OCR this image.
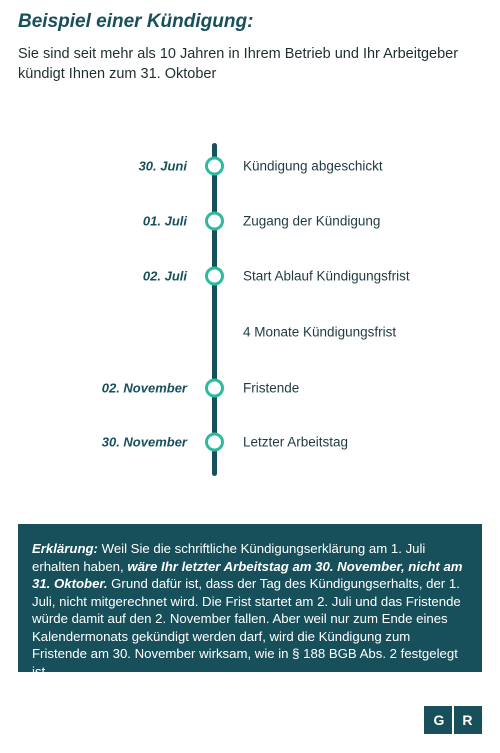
Beispiel einer Kündigung:
Sie sind seit mehr als 10 Jahren in Ihrem Betrieb und Ihr Arbeitgeber kündigt Ihnen zum 31. Oktober
30. Juni	Kündigung abgeschickt
01. Juli	Zugang der Kündigung
02. Juli	Start Ablauf Kündigungsfrist
4 Monate Kündigungsfrist
02. November	Fristende
30. November	Letzter Arbeitstag
Erklärung: Weil Sie die schriftliche Kündigungserklärung am 1. Juli erhalten haben, wäre Ihr letzter Arbeitstag am 30. November, nicht am 31. Oktober. Grund dafür ist, dass der Tag des Kündigungserhalts, der 1. Juli, nicht mitgerechnet wird. Die Frist startet am 2. Juli und das Fristende würde damit auf den 2. November fallen. Aber weil nur zum Ende eines Kalendermonats gekündigt werden darf, wird die Kündigung zum Fristende am 30. November wirksam, wie in § 188 BGB Abs. 2 festgelegt ist.
G R
